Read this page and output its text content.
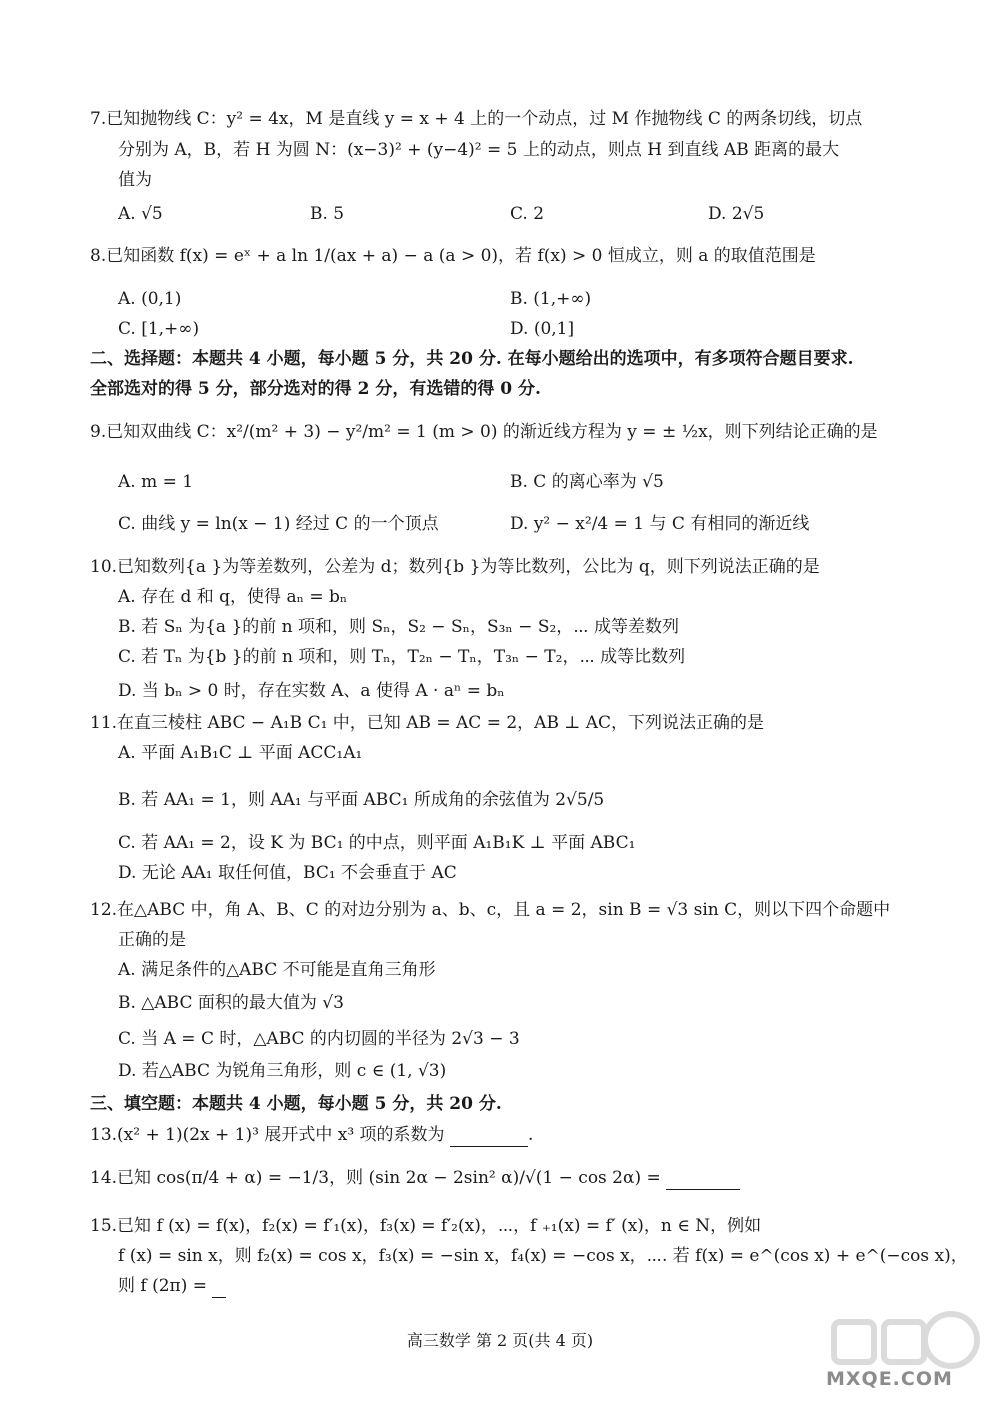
7.已知抛物线 C：y² = 4x，M 是直线 y = x + 4 上的一个动点，过 M 作抛物线 C 的两条切线，切点
分别为 A，B，若 H 为圆 N：(x−3)² + (y−4)² = 5 上的动点，则点 H 到直线 AB 距离的最大
值为
A. √5	B. 5	C. 2	D. 2√5
8.已知函数 f(x) = eˣ + a ln 1/(ax + a) − a (a > 0)，若 f(x) > 0 恒成立，则 a 的取值范围是
A. (0,1)	B. (1,+∞)
C. [1,+∞)	D. (0,1]
二、选择题：本题共 4 小题，每小题 5 分，共 20 分. 在每小题给出的选项中，有多项符合题目要求.
全部选对的得 5 分，部分选对的得 2 分，有选错的得 0 分.
9.已知双曲线 C：x²/(m² + 3) − y²/m² = 1 (m > 0) 的渐近线方程为 y = ± ½x，则下列结论正确的是
A. m = 1	B. C 的离心率为 √5
C. 曲线 y = ln(x − 1) 经过 C 的一个顶点	D. y² − x²/4 = 1 与 C 有相同的渐近线
10.已知数列{a }为等差数列，公差为 d；数列{b }为等比数列，公比为 q，则下列说法正确的是
A. 存在 d 和 q，使得 aₙ = bₙ
B. 若 Sₙ 为{a }的前 n 项和，则 Sₙ，S₂ − Sₙ，S₃ₙ − S₂，⋯ 成等差数列
C. 若 Tₙ 为{b }的前 n 项和，则 Tₙ，T₂ₙ − Tₙ，T₃ₙ − T₂，⋯ 成等比数列
D. 当 bₙ > 0 时，存在实数 A、a 使得 A · aⁿ = bₙ
11.在直三棱柱 ABC − A₁B C₁ 中，已知 AB = AC = 2，AB ⊥ AC，下列说法正确的是
A. 平面 A₁B₁C ⊥ 平面 ACC₁A₁
B. 若 AA₁ = 1，则 AA₁ 与平面 ABC₁ 所成角的余弦值为 2√5/5
C. 若 AA₁ = 2，设 K 为 BC₁ 的中点，则平面 A₁B₁K ⊥ 平面 ABC₁
D. 无论 AA₁ 取任何值，BC₁ 不会垂直于 AC
12.在△ABC 中，角 A、B、C 的对边分别为 a、b、c，且 a = 2，sin B = √3 sin C，则以下四个命题中
正确的是
A. 满足条件的△ABC 不可能是直角三角形
B. △ABC 面积的最大值为 √3
C. 当 A = C 时，△ABC 的内切圆的半径为 2√3 − 3
D. 若△ABC 为锐角三角形，则 c ∈ (1, √3)
三、填空题：本题共 4 小题，每小题 5 分，共 20 分.
13.(x² + 1)(2x + 1)³ 展开式中 x³ 项的系数为	.
14.已知 cos(π/4 + α) = −1/3，则 (sin 2α − 2sin² α)/√(1 − cos 2α) =
15.已知 f (x) = f(x)，f₂(x) = f′₁(x)，f₃(x) = f′₂(x)，⋯，f ₊₁(x) = f′ (x)，n ∈ N，例如
f (x) = sin x，则 f₂(x) = cos x，f₃(x) = −sin x，f₄(x) = −cos x，⋯. 若 f(x) = e^(cos x) + e^(−cos x)，
则 f (2π) =
高三数学 第 2 页(共 4 页)
MXQE.COM
